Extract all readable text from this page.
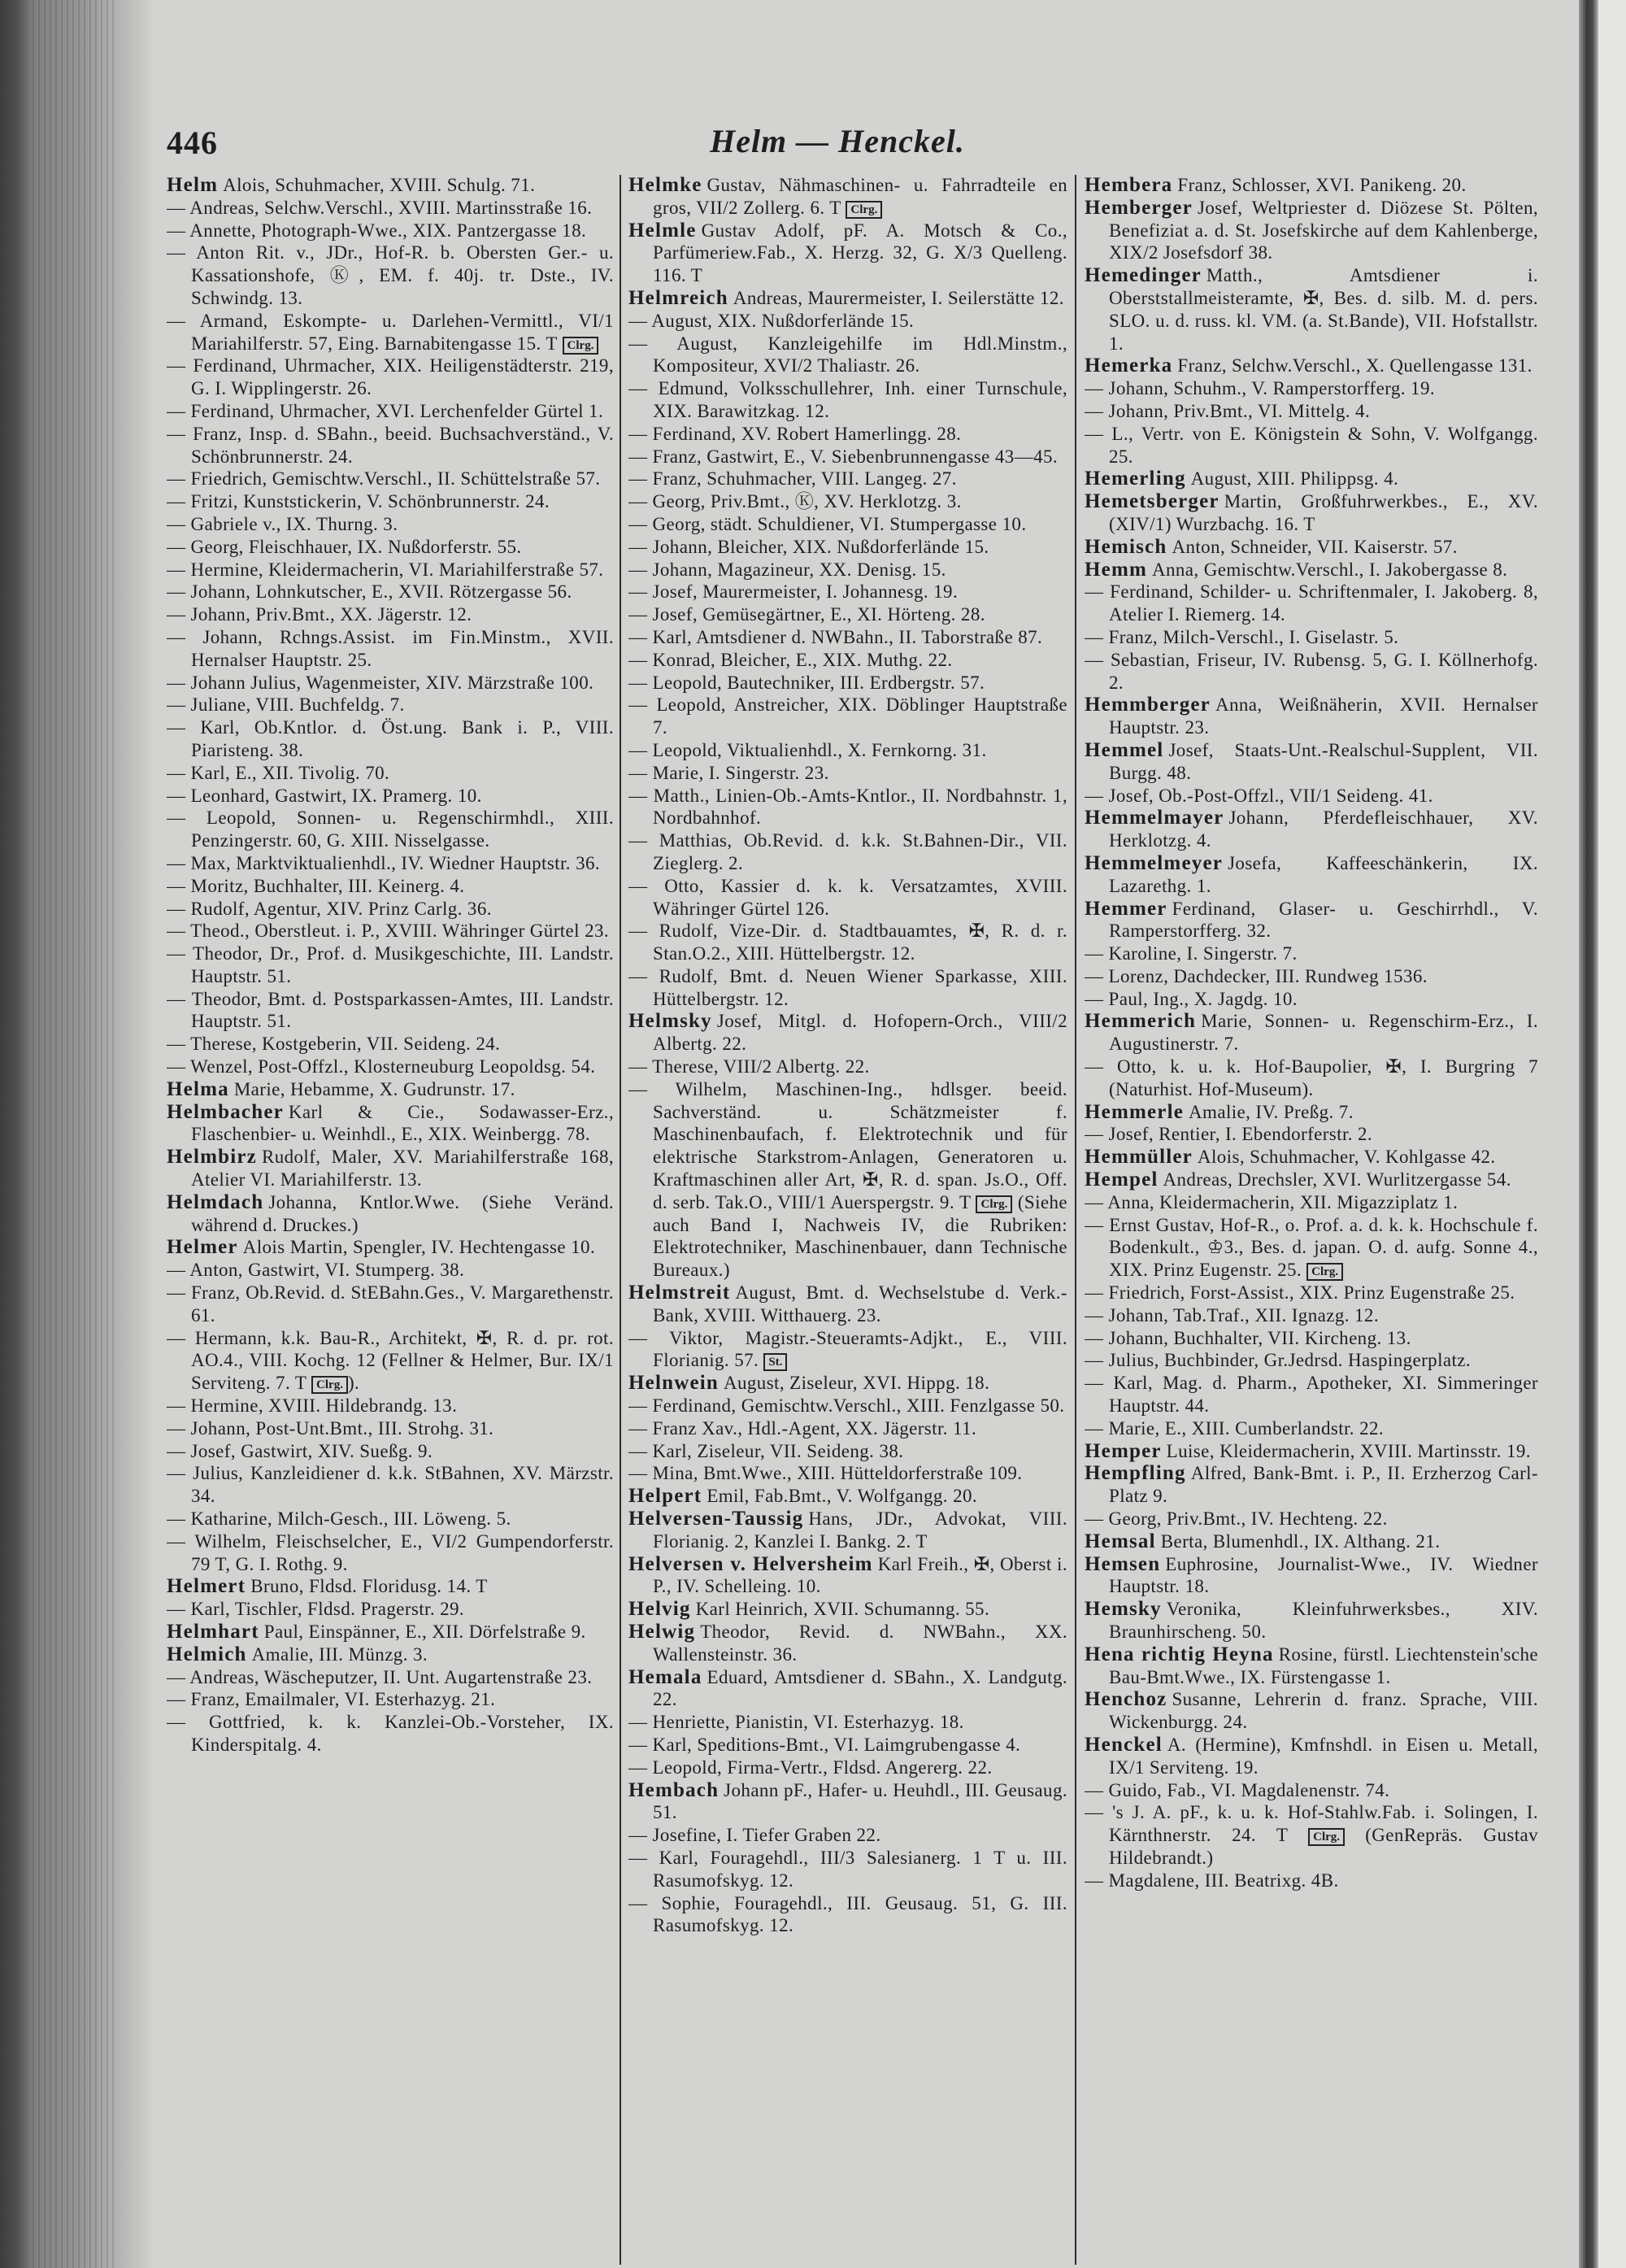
446	Helm — Henckel.
Helm Alois, Schuhmacher, XVIII. Schulg. 71.
— Andreas, Selchw.Verschl., XVIII. Martinsstraße 16.
— Annette, Photograph-Wwe., XIX. Pantzergasse 18.
— Anton Rit. v., JDr., Hof-R. b. Obersten Ger.- u. Kassationshofe, Ⓚ, EM. f. 40j. tr. Dste., IV. Schwindg. 13.
— Armand, Eskompte- u. Darlehen-Vermittl., VI/1 Mariahilferstr. 57, Eing. Barnabitengasse 15. T Clrg.
— Ferdinand, Uhrmacher, XIX. Heiligenstädterstr. 219, G. I. Wipplingerstr. 26.
— Ferdinand, Uhrmacher, XVI. Lerchenfelder Gürtel 1.
— Franz, Insp. d. SBahn., beeid. Buchsachverständ., V. Schönbrunnerstr. 24.
— Friedrich, Gemischtw.Verschl., II. Schüttelstraße 57.
— Fritzi, Kunststickerin, V. Schönbrunnerstr. 24.
— Gabriele v., IX. Thurng. 3.
— Georg, Fleischhauer, IX. Nußdorferstr. 55.
— Hermine, Kleidermacherin, VI. Mariahilferstraße 57.
— Johann, Lohnkutscher, E., XVII. Rötzergasse 56.
— Johann, Priv.Bmt., XX. Jägerstr. 12.
— Johann, Rchngs.Assist. im Fin.Minstm., XVII. Hernalser Hauptstr. 25.
— Johann Julius, Wagenmeister, XIV. Märzstraße 100.
— Juliane, VIII. Buchfeldg. 7.
— Karl, Ob.Kntlor. d. Öst.ung. Bank i. P., VIII. Piaristeng. 38.
— Karl, E., XII. Tivolig. 70.
— Leonhard, Gastwirt, IX. Pramerg. 10.
— Leopold, Sonnen- u. Regenschirmhdl., XIII. Penzingerstr. 60, G. XIII. Nisselgasse.
— Max, Marktviktualienhdl., IV. Wiedner Hauptstr. 36.
— Moritz, Buchhalter, III. Keinerg. 4.
— Rudolf, Agentur, XIV. Prinz Carlg. 36.
— Theod., Oberstleut. i. P., XVIII. Währinger Gürtel 23.
— Theodor, Dr., Prof. d. Musikgeschichte, III. Landstr. Hauptstr. 51.
— Theodor, Bmt. d. Postsparkassen-Amtes, III. Landstr. Hauptstr. 51.
— Therese, Kostgeberin, VII. Seideng. 24.
— Wenzel, Post-Offzl., Klosterneuburg Leopoldsg. 54.
Helma Marie, Hebamme, X. Gudrunstr. 17.
Helmbacher Karl & Cie., Sodawasser-Erz., Flaschenbier- u. Weinhdl., E., XIX. Weinbergg. 78.
Helmbirz Rudolf, Maler, XV. Mariahilferstraße 168, Atelier VI. Mariahilferstr. 13.
Helmdach Johanna, Kntlor.Wwe. (Siehe Veränd. während d. Druckes.)
Helmer Alois Martin, Spengler, IV. Hechtengasse 10.
— Anton, Gastwirt, VI. Stumperg. 38.
— Franz, Ob.Revid. d. StEBahn.Ges., V. Margarethenstr. 61.
— Hermann, k.k. Bau-R., Architekt, ✠, R. d. pr. rot. AO.4., VIII. Kochg. 12 (Fellner & Helmer, Bur. IX/1 Serviteng. 7. T Clrg. ).
— Hermine, XVIII. Hildebrandg. 13.
— Johann, Post-Unt.Bmt., III. Strohg. 31.
— Josef, Gastwirt, XIV. Sueßg. 9.
— Julius, Kanzleidiener d. k.k. StBahnen, XV. Märzstr. 34.
— Katharine, Milch-Gesch., III. Löweng. 5.
— Wilhelm, Fleischselcher, E., VI/2 Gumpendorferstr. 79 T, G. I. Rothg. 9.
Helmert Bruno, Fldsd. Floridusg. 14. T
— Karl, Tischler, Fldsd. Pragerstr. 29.
Helmhart Paul, Einspänner, E., XII. Dörfelstraße 9.
Helmich Amalie, III. Münzg. 3.
— Andreas, Wäscheputzer, II. Unt. Augartenstraße 23.
— Franz, Emailmaler, VI. Esterhazyg. 21.
— Gottfried, k. k. Kanzlei-Ob.-Vorsteher, IX. Kinderspitalg. 4.
Helmke Gustav, Nähmaschinen- u. Fahrradteile en gros, VII/2 Zollerg. 6. T Clrg.
Helmle Gustav Adolf, pF. A. Motsch & Co., Parfümeriew.Fab., X. Herzg. 32, G. X/3 Quelleng. 116. T
Helmreich Andreas, Maurermeister, I. Seilerstätte 12.
— August, XIX. Nußdorferlände 15.
— August, Kanzleigehilfe im Hdl.Minstm., Kompositeur, XVI/2 Thaliastr. 26.
— Edmund, Volksschullehrer, Inh. einer Turnschule, XIX. Barawitzkag. 12.
— Ferdinand, XV. Robert Hamerlingg. 28.
— Franz, Gastwirt, E., V. Siebenbrunnengasse 43—45.
— Franz, Schuhmacher, VIII. Langeg. 27.
— Georg, Priv.Bmt., Ⓚ, XV. Herklotzg. 3.
— Georg, städt. Schuldiener, VI. Stumpergasse 10.
— Johann, Bleicher, XIX. Nußdorferlände 15.
— Johann, Magazineur, XX. Denisg. 15.
— Josef, Maurermeister, I. Johannesg. 19.
— Josef, Gemüsegärtner, E., XI. Hörteng. 28.
— Karl, Amtsdiener d. NWBahn., II. Taborstraße 87.
— Konrad, Bleicher, E., XIX. Muthg. 22.
— Leopold, Bautechniker, III. Erdbergstr. 57.
— Leopold, Anstreicher, XIX. Döblinger Hauptstraße 7.
— Leopold, Viktualienhdl., X. Fernkorng. 31.
— Marie, I. Singerstr. 23.
— Matth., Linien-Ob.-Amts-Kntlor., II. Nordbahnstr. 1, Nordbahnhof.
— Matthias, Ob.Revid. d. k.k. St.Bahnen-Dir., VII. Zieglerg. 2.
— Otto, Kassier d. k. k. Versatzamtes, XVIII. Währinger Gürtel 126.
— Rudolf, Vize-Dir. d. Stadtbauamtes, ✠, R. d. r. Stan.O.2., XIII. Hüttelbergstr. 12.
— Rudolf, Bmt. d. Neuen Wiener Sparkasse, XIII. Hüttelbergstr. 12.
Helmsky Josef, Mitgl. d. Hofopern-Orch., VIII/2 Albertg. 22.
— Therese, VIII/2 Albertg. 22.
— Wilhelm, Maschinen-Ing., hdlsger. beeid. Sachverständ. u. Schätzmeister f. Maschinenbaufach, f. Elektrotechnik und für elektrische Starkstrom-Anlagen, Generatoren u. Kraftmaschinen aller Art, ✠, R. d. span. Js.O., Off. d. serb. Tak.O., VIII/1 Auerspergstr. 9. T Clrg. (Siehe auch Band I, Nachweis IV, die Rubriken: Elektrotechniker, Maschinenbauer, dann Technische Bureaux.)
Helmstreit August, Bmt. d. Wechselstube d. Verk.-Bank, XVIII. Witthauerg. 23.
— Viktor, Magistr.-Steueramts-Adjkt., E., VIII. Florianig. 57. St.
Helnwein August, Ziseleur, XVI. Hippg. 18.
— Ferdinand, Gemischtw.Verschl., XIII. Fenzlgasse 50.
— Franz Xav., Hdl.-Agent, XX. Jägerstr. 11.
— Karl, Ziseleur, VII. Seideng. 38.
— Mina, Bmt.Wwe., XIII. Hütteldorferstraße 109.
Helpert Emil, Fab.Bmt., V. Wolfgangg. 20.
Helversen-Taussig Hans, JDr., Advokat, VIII. Florianig. 2, Kanzlei I. Bankg. 2. T
Helversen v. Helversheim Karl Freih., ✠, Oberst i. P., IV. Schelleing. 10.
Helvig Karl Heinrich, XVII. Schumanng. 55.
Helwig Theodor, Revid. d. NWBahn., XX. Wallensteinstr. 36.
Hemala Eduard, Amtsdiener d. SBahn., X. Landgutg. 22.
— Henriette, Pianistin, VI. Esterhazyg. 18.
— Karl, Speditions-Bmt., VI. Laimgrubengasse 4.
— Leopold, Firma-Vertr., Fldsd. Angererg. 22.
Hembach Johann pF., Hafer- u. Heuhdl., III. Geusaug. 51.
— Josefine, I. Tiefer Graben 22.
— Karl, Fouragehdl., III/3 Salesianerg. 1 T u. III. Rasumofskyg. 12.
— Sophie, Fouragehdl., III. Geusaug. 51, G. III. Rasumofskyg. 12.
Hembera Franz, Schlosser, XVI. Panikeng. 20.
Hemberger Josef, Weltpriester d. Diözese St. Pölten, Benefiziat a. d. St. Josefskirche auf dem Kahlenberge, XIX/2 Josefsdorf 38.
Hemedinger Matth., Amtsdiener i. Oberststallmeisteramte, ✠, Bes. d. silb. M. d. pers. SLO. u. d. russ. kl. VM. (a. St.Bande), VII. Hofstallstr. 1.
Hemerka Franz, Selchw.Verschl., X. Quellengasse 131.
— Johann, Schuhm., V. Ramperstorfferg. 19.
— Johann, Priv.Bmt., VI. Mittelg. 4.
— L., Vertr. von E. Königstein & Sohn, V. Wolfgangg. 25.
Hemerling August, XIII. Philippsg. 4.
Hemetsberger Martin, Großfuhrwerkbes., E., XV. (XIV/1) Wurzbachg. 16. T
Hemisch Anton, Schneider, VII. Kaiserstr. 57.
Hemm Anna, Gemischtw.Verschl., I. Jakobergasse 8.
— Ferdinand, Schilder- u. Schriftenmaler, I. Jakoberg. 8, Atelier I. Riemerg. 14.
— Franz, Milch-Verschl., I. Giselastr. 5.
— Sebastian, Friseur, IV. Rubensg. 5, G. I. Köllnerhofg. 2.
Hemmberger Anna, Weißnäherin, XVII. Hernalser Hauptstr. 23.
Hemmel Josef, Staats-Unt.-Realschul-Supplent, VII. Burgg. 48.
— Josef, Ob.-Post-Offzl., VII/1 Seideng. 41.
Hemmelmayer Johann, Pferdefleischhauer, XV. Herklotzg. 4.
Hemmelmeyer Josefa, Kaffeeschänkerin, IX. Lazarethg. 1.
Hemmer Ferdinand, Glaser- u. Geschirrhdl., V. Ramperstorfferg. 32.
— Karoline, I. Singerstr. 7.
— Lorenz, Dachdecker, III. Rundweg 1536.
— Paul, Ing., X. Jagdg. 10.
Hemmerich Marie, Sonnen- u. Regenschirm-Erz., I. Augustinerstr. 7.
— Otto, k. u. k. Hof-Baupolier, ✠, I. Burgring 7 (Naturhist. Hof-Museum).
Hemmerle Amalie, IV. Preßg. 7.
— Josef, Rentier, I. Ebendorferstr. 2.
Hemmüller Alois, Schuhmacher, V. Kohlgasse 42.
Hempel Andreas, Drechsler, XVI. Wurlitzergasse 54.
— Anna, Kleidermacherin, XII. Migazziplatz 1.
— Ernst Gustav, Hof-R., o. Prof. a. d. k. k. Hochschule f. Bodenkult., ♔3., Bes. d. japan. O. d. aufg. Sonne 4., XIX. Prinz Eugenstr. 25. Clrg.
— Friedrich, Forst-Assist., XIX. Prinz Eugenstraße 25.
— Johann, Tab.Traf., XII. Ignazg. 12.
— Johann, Buchhalter, VII. Kircheng. 13.
— Julius, Buchbinder, Gr.Jedrsd. Haspingerplatz.
— Karl, Mag. d. Pharm., Apotheker, XI. Simmeringer Hauptstr. 44.
— Marie, E., XIII. Cumberlandstr. 22.
Hemper Luise, Kleidermacherin, XVIII. Martinsstr. 19.
Hempfling Alfred, Bank-Bmt. i. P., II. Erzherzog Carl-Platz 9.
— Georg, Priv.Bmt., IV. Hechteng. 22.
Hemsal Berta, Blumenhdl., IX. Althang. 21.
Hemsen Euphrosine, Journalist-Wwe., IV. Wiedner Hauptstr. 18.
Hemsky Veronika, Kleinfuhrwerksbes., XIV. Braunhirscheng. 50.
Hena richtig Heyna Rosine, fürstl. Liechtenstein'sche Bau-Bmt.Wwe., IX. Fürstengasse 1.
Henchoz Susanne, Lehrerin d. franz. Sprache, VIII. Wickenburgg. 24.
Henckel A. (Hermine), Kmfnshdl. in Eisen u. Metall, IX/1 Serviteng. 19.
— Guido, Fab., VI. Magdalenenstr. 74.
— 's J. A. pF., k. u. k. Hof-Stahlw.Fab. i. Solingen, I. Kärnthnerstr. 24. T Clrg. (GenRepräs. Gustav Hildebrandt.)
— Magdalene, III. Beatrixg. 4B.
